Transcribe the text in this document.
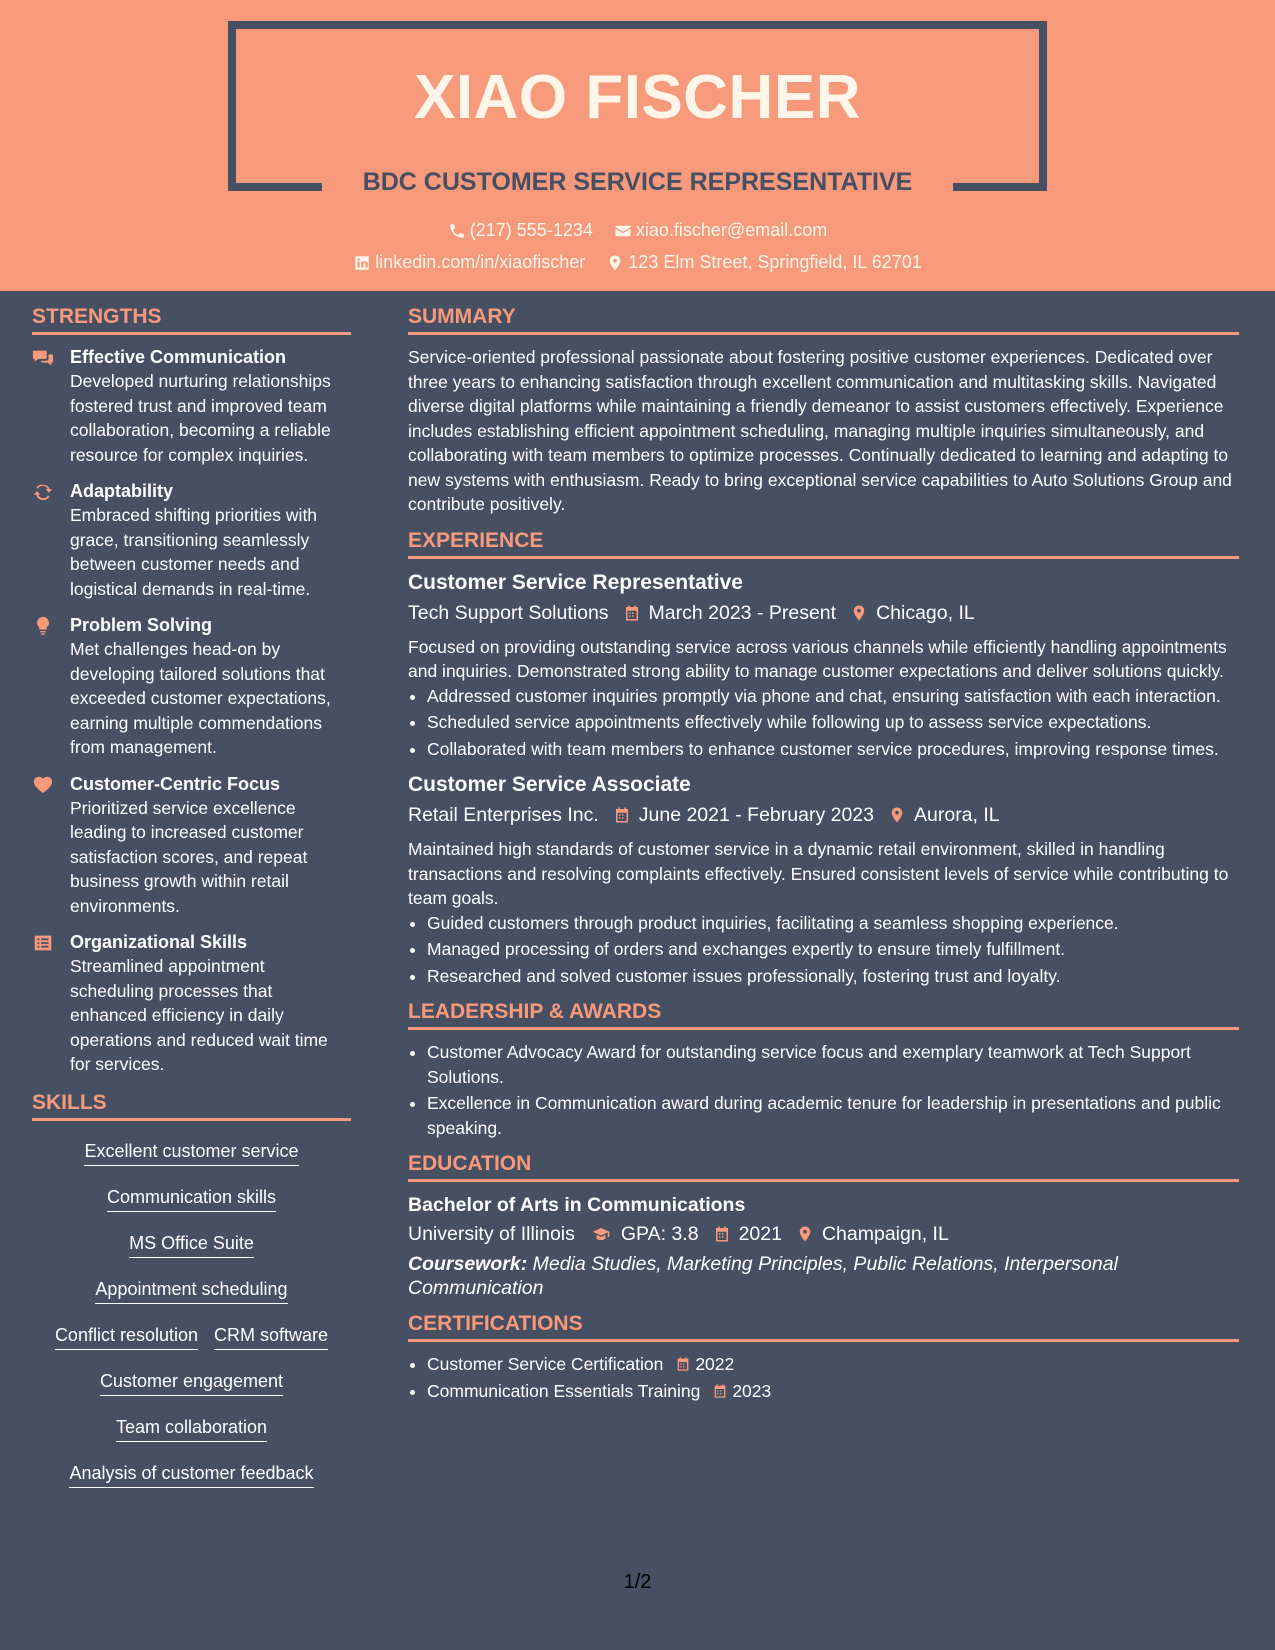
XIAO FISCHER
BDC CUSTOMER SERVICE REPRESENTATIVE
(217) 555-1234
xiao.fischer@email.com
linkedin.com/in/xiaofischer
123 Elm Street, Springfield, IL 62701
STRENGTHS
Effective Communication
Developed nurturing relationships fostered trust and improved team collaboration, becoming a reliable resource for complex inquiries.
Adaptability
Embraced shifting priorities with grace, transitioning seamlessly between customer needs and logistical demands in real-time.
Problem Solving
Met challenges head-on by developing tailored solutions that exceeded customer expectations, earning multiple commendations from management.
Customer-Centric Focus
Prioritized service excellence leading to increased customer satisfaction scores, and repeat business growth within retail environments.
Organizational Skills
Streamlined appointment scheduling processes that enhanced efficiency in daily operations and reduced wait time for services.
SKILLS
Excellent customer service
Communication skills
MS Office Suite
Appointment scheduling
Conflict resolution CRM software
Customer engagement
Team collaboration
Analysis of customer feedback
SUMMARY

Service-oriented professional passionate about fostering positive customer experiences. Dedicated over three years to enhancing satisfaction through excellent communication and multitasking skills. Navigated diverse digital platforms while maintaining a friendly demeanor to assist customers effectively. Experience includes establishing efficient appointment scheduling, managing multiple inquiries simultaneously, and collaborating with team members to optimize processes. Continually dedicated to learning and adapting to new systems with enthusiasm. Ready to bring exceptional service capabilities to Auto Solutions Group and contribute positively.

EXPERIENCE
Customer Service Representative
Tech Support Solutions March 2023 - Present Chicago, IL

Focused on providing outstanding service across various channels while efficiently handling appointments and inquiries. Demonstrated strong ability to manage customer expectations and deliver solutions quickly.

• Addressed customer inquiries promptly via phone and chat, ensuring satisfaction with each interaction.
• Scheduled service appointments effectively while following up to assess service expectations.
• Collaborated with team members to enhance customer service procedures, improving response times.
Customer Service Associate
Retail Enterprises Inc. June 2021 - February 2023 Aurora, IL

Maintained high standards of customer service in a dynamic retail environment, skilled in handling transactions and resolving complaints effectively. Ensured consistent levels of service while contributing to team goals.

• Guided customers through product inquiries, facilitating a seamless shopping experience.
• Managed processing of orders and exchanges expertly to ensure timely fulfillment.
• Researched and solved customer issues professionally, fostering trust and loyalty.
LEADERSHIP & AWARDS
• Customer Advocacy Award for outstanding service focus and exemplary teamwork at Tech Support Solutions.
• Excellence in Communication award during academic tenure for leadership in presentations and public speaking.
EDUCATION
Bachelor of Arts in Communications
University of Illinois GPA: 3.8 2021 Champaign, IL
Coursework: Media Studies, Marketing Principles, Public Relations, Interpersonal Communication
CERTIFICATIONS
• Customer Service Certification 2022
• Communication Essentials Training 2023
1/2
